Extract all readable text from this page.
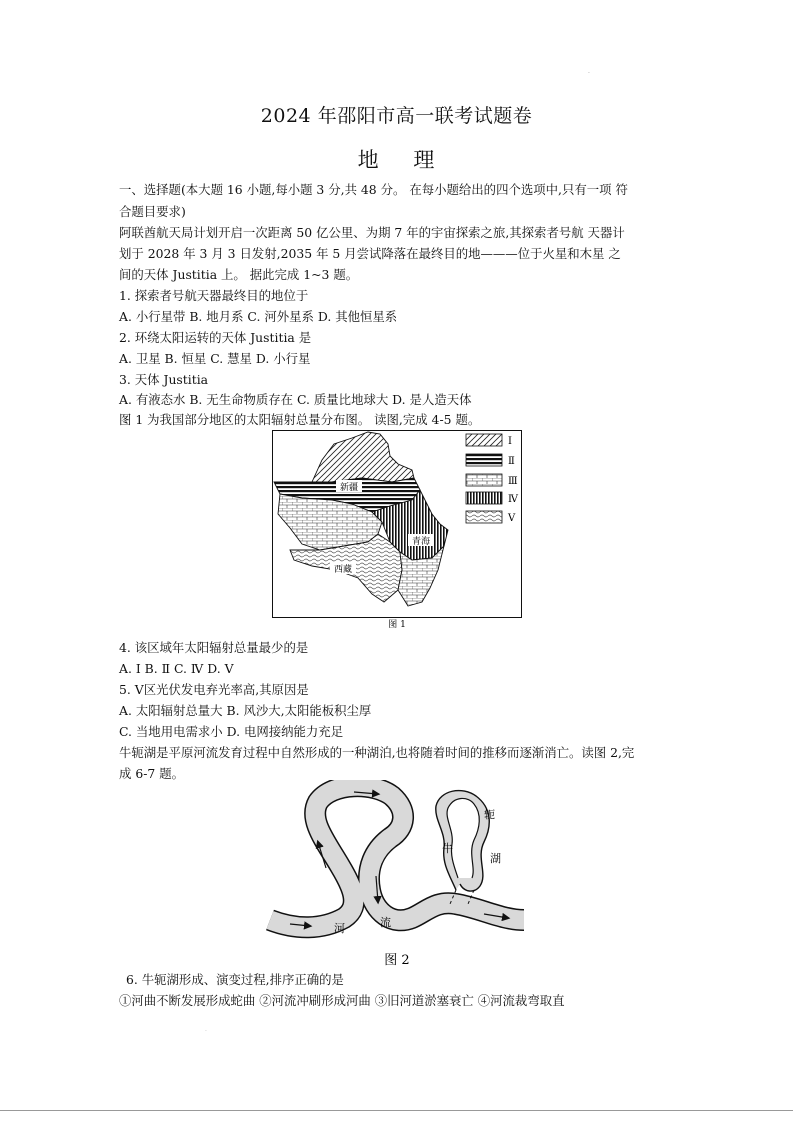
.
2024 年邵阳市高一联考试题卷
地 理
一、选择题(本大题 16 小题,每小题 3 分,共 48 分。 在每小题给出的四个选项中,只有一项 符
合题目要求)
阿联酋航天局计划开启一次距离 50 亿公里、为期 7 年的宇宙探索之旅,其探索者号航 天器计
划于 2028 年 3 月 3 日发射,2035 年 5 月尝试降落在最终目的地———位于火星和木星 之
间的天体 Justitia 上。 据此完成 1~3 题。
1. 探索者号航天器最终目的地位于
A. 小行星带 B. 地月系 C. 河外星系 D. 其他恒星系
2. 环绕太阳运转的天体 Justitia 是
A. 卫星 B. 恒星 C. 慧星 D. 小行星
3. 天体 Justitia
A. 有液态水 B. 无生命物质存在 C. 质量比地球大 D. 是人造天体
图 1 为我国部分地区的太阳辐射总量分布图。 读图,完成 4-5 题。
新疆
青海
西藏
Ⅰ
Ⅱ
Ⅲ
Ⅳ
Ⅴ
图 1
4. 该区域年太阳辐射总量最少的是
A. Ⅰ B. Ⅱ C. Ⅳ D. Ⅴ
5. Ⅴ区光伏发电弃光率高,其原因是
A. 太阳辐射总量大 B. 风沙大,太阳能板积尘厚
C. 当地用电需求小 D. 电网接纳能力充足
牛轭湖是平原河流发育过程中自然形成的一种湖泊,也将随着时间的推移而逐渐消亡。读图 2,完
成 6-7 题。
河	流
牛
轭
湖
图 2
6. 牛轭湖形成、演变过程,排序正确的是
①河曲不断发展形成蛇曲 ②河流冲刷形成河曲 ③旧河道淤塞衰亡 ④河流裁弯取直
.
